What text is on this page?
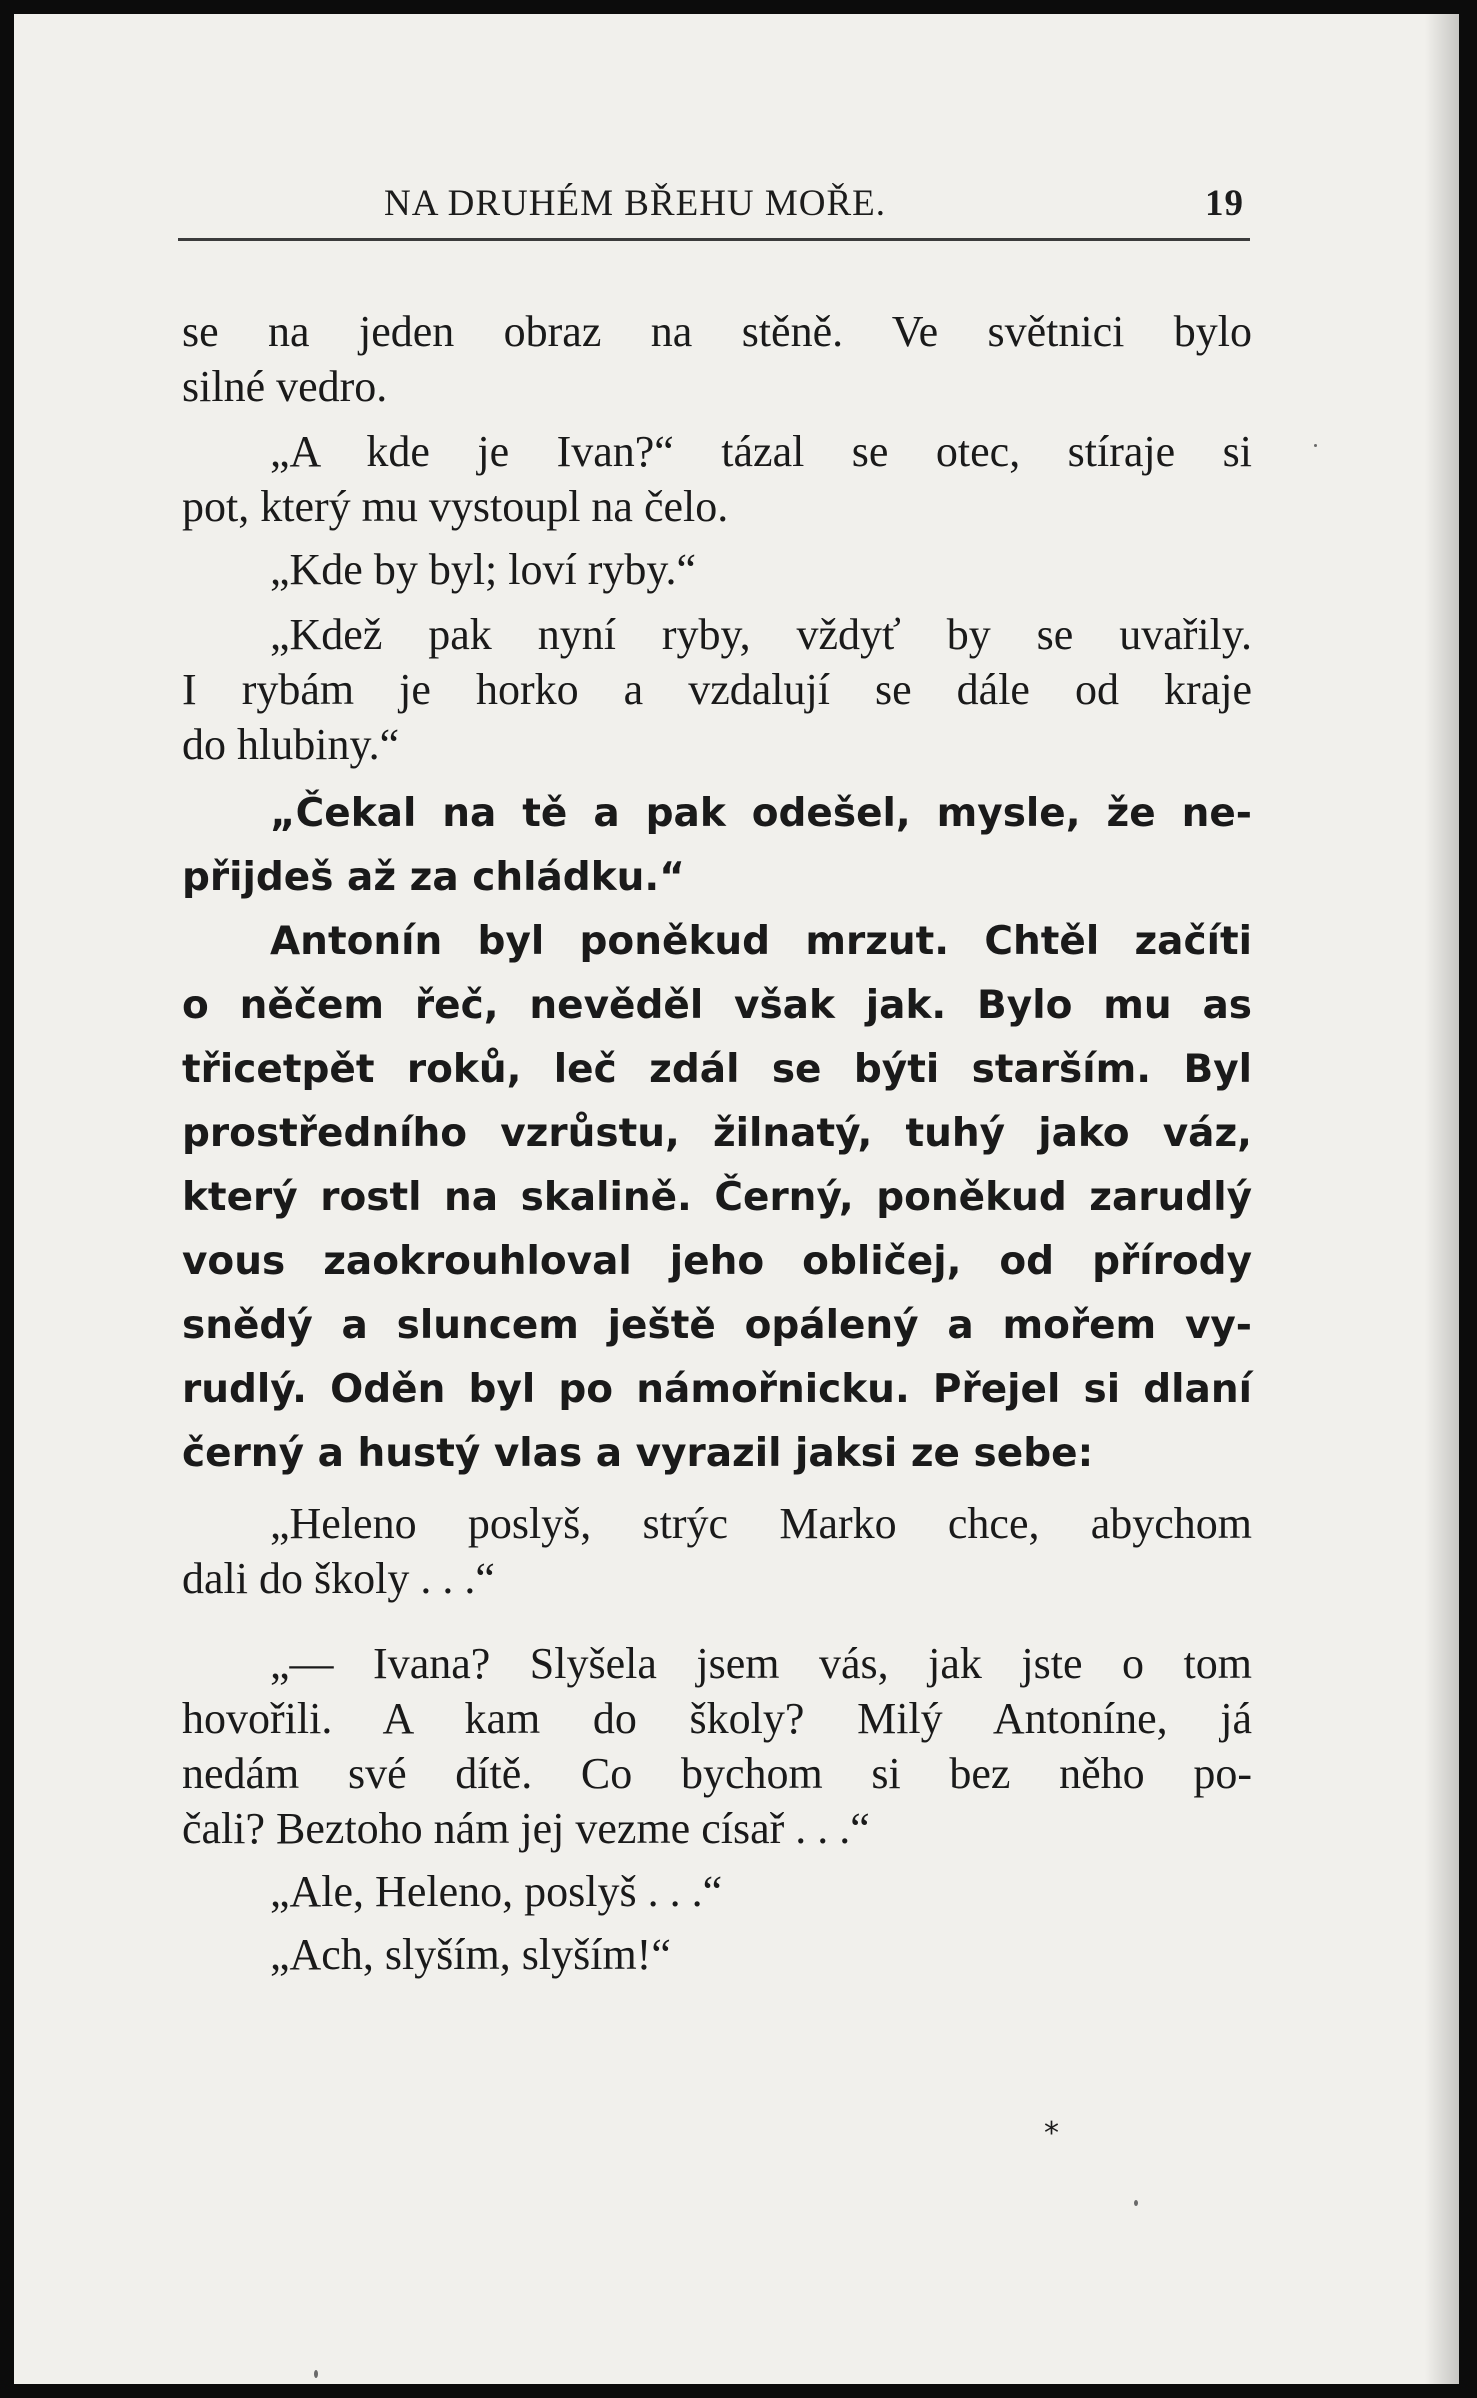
NA DRUHÉM BŘEHU MOŘE.	19
se na jeden obraz na stěně. Ve světnici bylo
silné vedro.
„A kde je Ivan?“ tázal se otec, stíraje si
pot, který mu vystoupl na čelo.
„Kde by byl; loví ryby.“
„Kdež pak nyní ryby, vždyť by se uvařily.
I rybám je horko a vzdalují se dále od kraje
do hlubiny.“
„Čekal na tě a pak odešel, mysle, že ne-
přijdeš až za chládku.“
Antonín byl poněkud mrzut. Chtěl začíti
o něčem řeč, nevěděl však jak. Bylo mu as
třicetpět roků, leč zdál se býti starším. Byl
prostředního vzrůstu, žilnatý, tuhý jako váz,
který rostl na skalině. Černý, poněkud zarudlý
vous zaokrouhloval jeho obličej, od přírody
snědý a sluncem ještě opálený a mořem vy-
rudlý. Oděn byl po námořnicku. Přejel si dlaní
černý a hustý vlas a vyrazil jaksi ze sebe:
„Heleno poslyš, strýc Marko chce, abychom
dali do školy . . .“
„— Ivana? Slyšela jsem vás, jak jste o tom
hovořili. A kam do školy? Milý Antoníne, já
nedám své dítě. Co bychom si bez něho po-
čali? Beztoho nám jej vezme císař . . .“
„Ale, Heleno, poslyš . . .“
„Ach, slyším, slyším!“
*
